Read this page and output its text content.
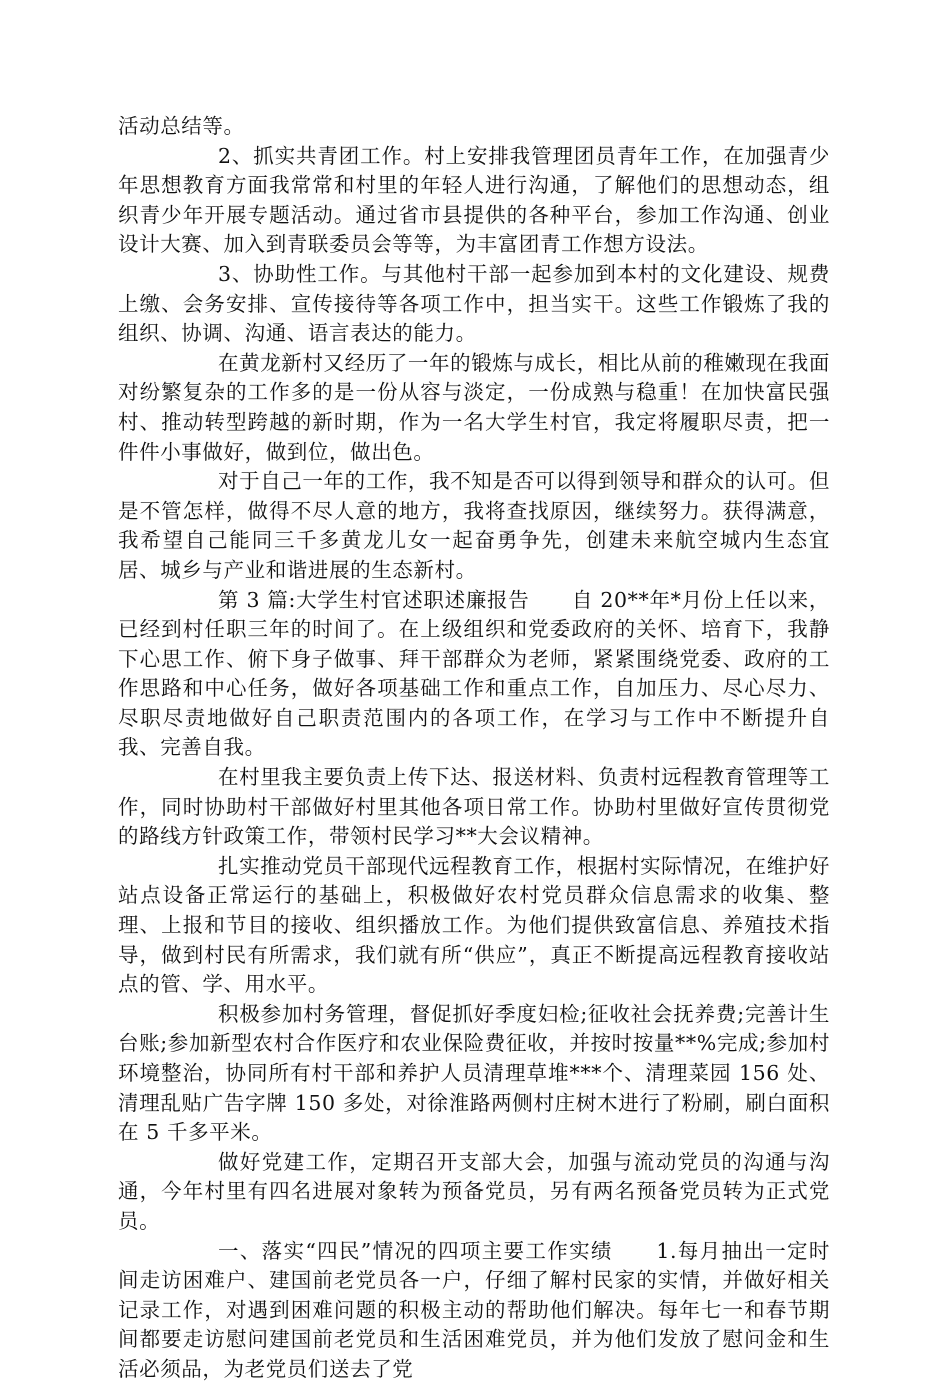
活动总结等。

2、抓实共青团工作。村上安排我管理团员青年工作，在加强青少年思想教育方面我常常和村里的年轻人进行沟通，了解他们的思想动态，组织青少年开展专题活动。通过省市县提供的各种平台，参加工作沟通、创业设计大赛、加入到青联委员会等等，为丰富团青工作想方设法。

3、协助性工作。与其他村干部一起参加到本村的文化建设、规费上缴、会务安排、宣传接待等各项工作中，担当实干。这些工作锻炼了我的组织、协调、沟通、语言表达的能力。

在黄龙新村又经历了一年的锻炼与成长，相比从前的稚嫩现在我面对纷繁复杂的工作多的是一份从容与淡定，一份成熟与稳重！在加快富民强村、推动转型跨越的新时期，作为一名大学生村官，我定将履职尽责，把一件件小事做好，做到位，做出色。

对于自己一年的工作，我不知是否可以得到领导和群众的认可。但是不管怎样，做得不尽人意的地方，我将查找原因，继续努力。获得满意，我希望自己能同三千多黄龙儿女一起奋勇争先，创建未来航空城内生态宜居、城乡与产业和谐进展的生态新村。

第 3 篇:大学生村官述职述廉报告　　自 20**年*月份上任以来，已经到村任职三年的时间了。在上级组织和党委政府的关怀、培育下，我静下心思工作、俯下身子做事、拜干部群众为老师，紧紧围绕党委、政府的工作思路和中心任务，做好各项基础工作和重点工作，自加压力、尽心尽力、尽职尽责地做好自己职责范围内的各项工作，在学习与工作中不断提升自我、完善自我。

在村里我主要负责上传下达、报送材料、负责村远程教育管理等工作，同时协助村干部做好村里其他各项日常工作。协助村里做好宣传贯彻党的路线方针政策工作，带领村民学习**大会议精神。

扎实推动党员干部现代远程教育工作，根据村实际情况，在维护好站点设备正常运行的基础上，积极做好农村党员群众信息需求的收集、整理、上报和节目的接收、组织播放工作。为他们提供致富信息、养殖技术指导，做到村民有所需求，我们就有所“供应”，真正不断提高远程教育接收站点的管、学、用水平。

积极参加村务管理，督促抓好季度妇检;征收社会抚养费;完善计生台账;参加新型农村合作医疗和农业保险费征收，并按时按量**%完成;参加村环境整治，协同所有村干部和养护人员清理草堆***个、清理菜园 156 处、清理乱贴广告字牌 150 多处，对徐淮路两侧村庄树木进行了粉刷，刷白面积在 5 千多平米。

做好党建工作，定期召开支部大会，加强与流动党员的沟通与沟通，今年村里有四名进展对象转为预备党员，另有两名预备党员转为正式党员。

一、落实“四民”情况的四项主要工作实绩　　1.每月抽出一定时间走访困难户、建国前老党员各一户，仔细了解村民家的实情，并做好相关记录工作，对遇到困难问题的积极主动的帮助他们解决。每年七一和春节期间都要走访慰问建国前老党员和生活困难党员，并为他们发放了慰问金和生活必须品，为老党员们送去了党
